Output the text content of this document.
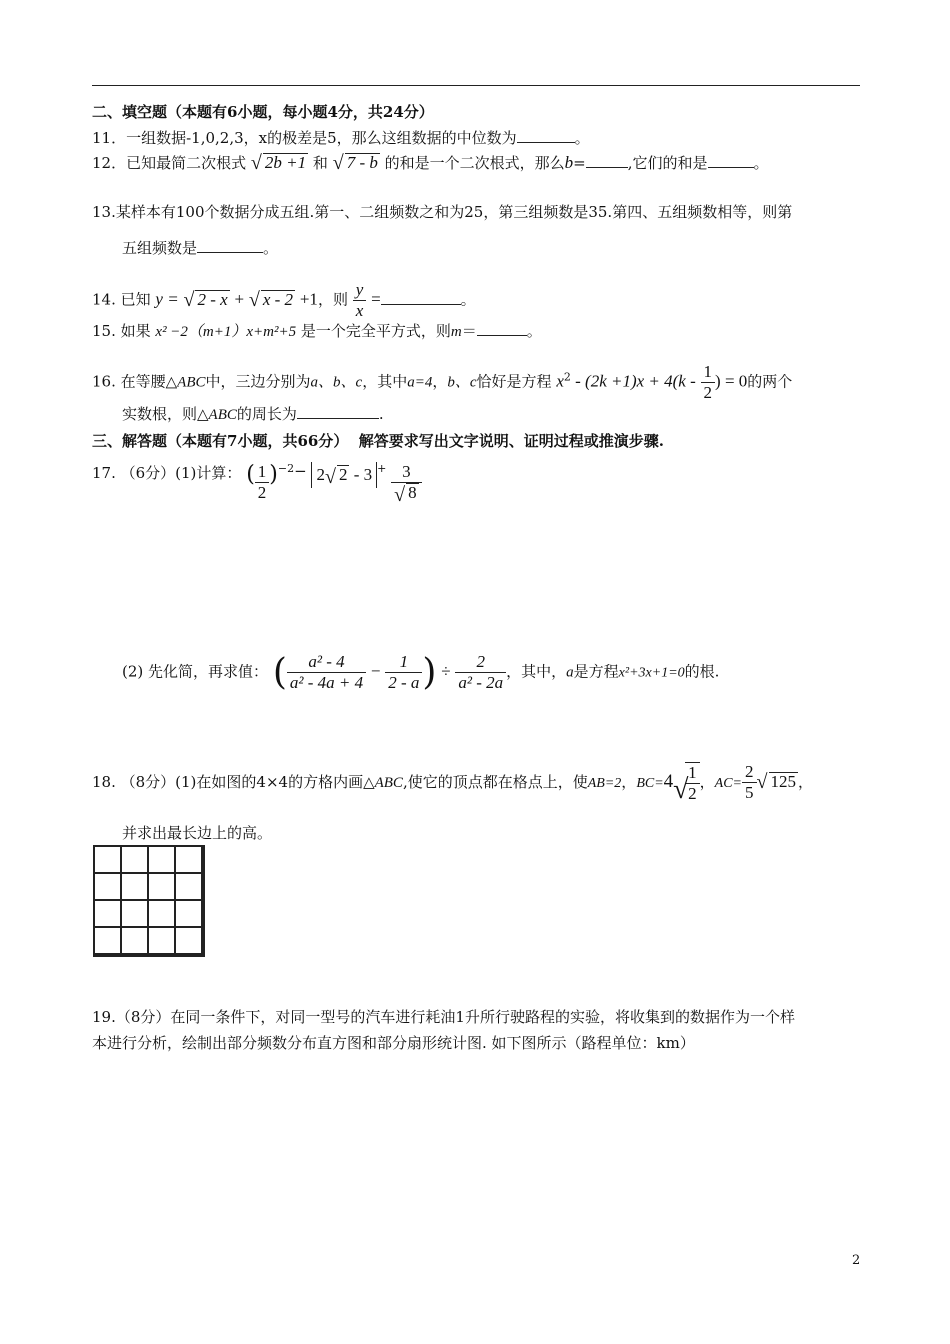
二、填空题（本题有6小题，每小题4分，共24分）
11．一组数据-1,0,2,3，x的极差是5，那么这组数据的中位数为	。
12．已知最简二次根式 √ 2b +1 和 √ 7 - b 的和是一个二次根式，那么b=	,它们的和是	。
13.某样本有100个数据分成五组.第一、二组频数之和为25，第三组频数是35.第四、五组频数相等，则第
五组频数是	。
14. 已知 y = √ 2 - x + √ x - 2 +1，则 $\frac{y}{x}$ =	。
15. 如果 x² −2（m+1）x+m²+5 是一个完全平方式，则m＝	。
16. 在等腰△ABC中，三边分别为a、b、c，其中a=4，b、c恰好是方程 $x^2 - (2k +1)x + 4(k - \frac{1}{2}$ ) = 0的两个
实数根，则△ABC的周长为	.
三、解答题（本题有7小题，共66分） 解答要求写出文字说明、证明过程或推演步骤.
17. （6分）(1)计算： ( $\frac{1}{2} )^{-2}- 2$ √ 2 - 3 $^+ \frac{3}{√ 8}$
(2) 先化简，再求值： ( $\frac{\text{a² - 4}}{\text{a² - 4a + 4}} - \frac{1}{2 - a}$ ) ÷ $\frac{2}{\text{a² - 2a}}$ ，其中，a是方程x²+3x+1=0的根.
18. （8分）(1)在如图的4×4的方格内画△ABC,使它的顶点都在格点上，使AB=2，BC=4 √
$\frac{1}{2}$ ，$AC= \frac{2}{5}$ √ 125 ，
并求出最长边上的高。
19.（8分）在同一条件下，对同一型号的汽车进行耗油1升所行驶路程的实验，将收集到的数据作为一个样
本进行分析，绘制出部分频数分布直方图和部分扇形统计图. 如下图所示（路程单位：km）
2
